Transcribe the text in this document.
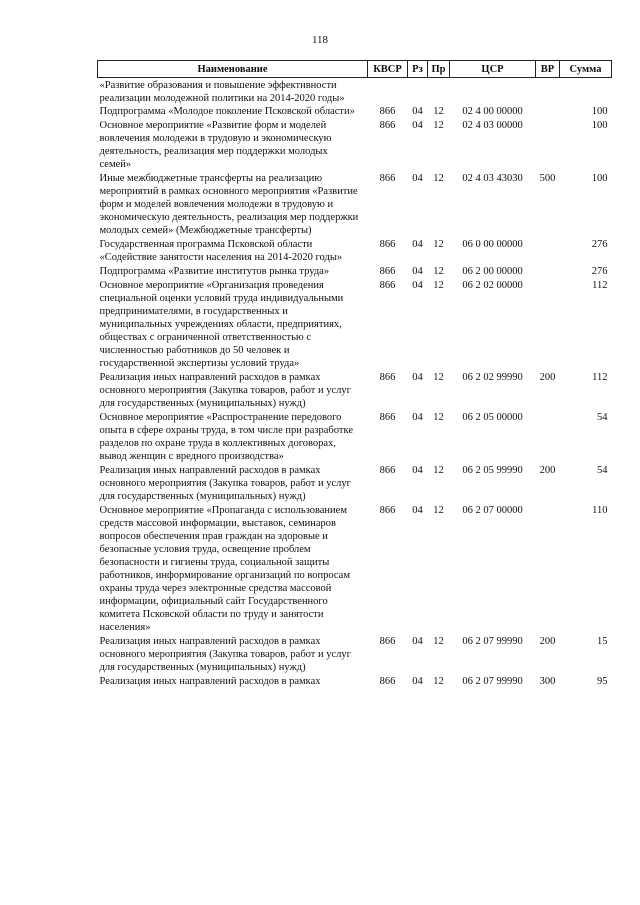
118
Наименование	КВСР	Рз	Пр	ЦСР	ВР	Сумма
«Развитие образования и повышение эффективности реализации молодежной политики на 2014-2020 годы»						
Подпрограмма «Молодое поколение Псковской области»	866	04	12	02 4 00 00000		100
Основное мероприятие «Развитие форм и моделей вовлечения молодежи в трудовую и экономическую деятельность, реализация мер поддержки молодых семей»	866	04	12	02 4 03 00000		100
Иные межбюджетные трансферты на реализацию мероприятий в рамках основного мероприятия «Развитие форм и моделей вовлечения молодежи в трудовую и экономическую деятельность, реализация мер поддержки молодых семей» (Межбюджетные трансферты)	866	04	12	02 4 03 43030	500	100
Государственная программа Псковской области «Содействие занятости населения на 2014-2020 годы»	866	04	12	06 0 00 00000		276
Подпрограмма «Развитие институтов рынка труда»	866	04	12	06 2 00 00000		276
Основное мероприятие «Организация проведения специальной оценки условий труда индивидуальными предпринимателями, в государственных и муниципальных учреждениях области, предприятиях, обществах с ограниченной ответственностью с численностью работников до 50 человек и государственной экспертизы условий труда»	866	04	12	06 2 02 00000		112
Реализация иных направлений расходов в рамках основного мероприятия (Закупка товаров, работ и услуг для государственных (муниципальных) нужд)	866	04	12	06 2 02 99990	200	112
Основное мероприятие «Распространение передового опыта в сфере охраны труда, в том числе при разработке разделов по охране труда в коллективных договорах, вывод женщин с вредного производства»	866	04	12	06 2 05 00000		54
Реализация иных направлений расходов в рамках основного мероприятия (Закупка товаров, работ и услуг для государственных (муниципальных) нужд)	866	04	12	06 2 05 99990	200	54
Основное мероприятие «Пропаганда с использованием средств массовой информации, выставок, семинаров вопросов обеспечения прав граждан на здоровые и безопасные условия труда, освещение проблем безопасности и гигиены труда, социальной защиты работников, информирование организаций по вопросам охраны труда через электронные средства массовой информации, официальный сайт Государственного комитета Псковской области по труду и занятости населения»	866	04	12	06 2 07 00000		110
Реализация иных направлений расходов в рамках основного мероприятия (Закупка товаров, работ и услуг для государственных (муниципальных) нужд)	866	04	12	06 2 07 99990	200	15
Реализация иных направлений расходов в рамках	866	04	12	06 2 07 99990	300	95
